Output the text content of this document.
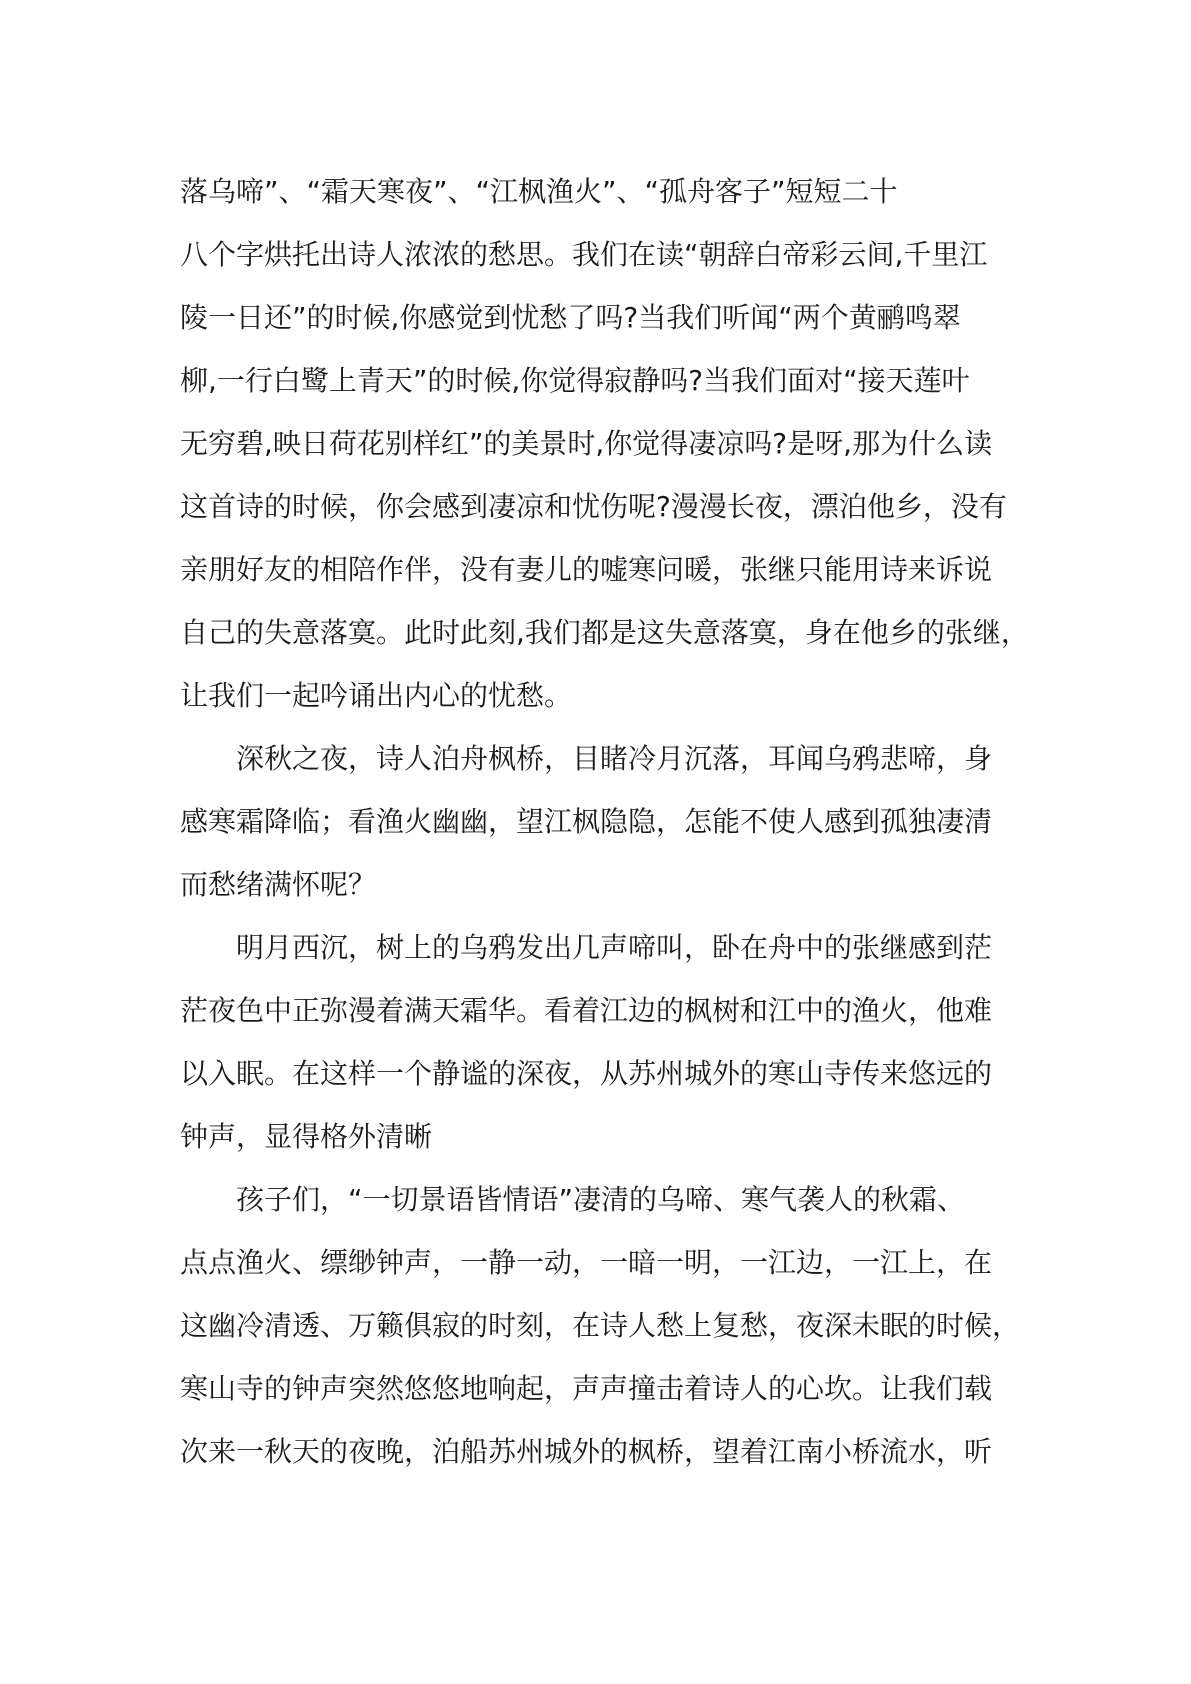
落乌啼”、“霜天寒夜”、“江枫渔火”、“孤舟客子”短短二十
八个字烘托出诗人浓浓的愁思。我们在读“朝辞白帝彩云间,千里江
陵一日还”的时候,你感觉到忧愁了吗?当我们听闻“两个黄鹂鸣翠
柳,一行白鹭上青天”的时候,你觉得寂静吗?当我们面对“接天莲叶
无穷碧,映日荷花别样红”的美景时,你觉得凄凉吗?是呀,那为什么读
这首诗的时候，你会感到凄凉和忧伤呢?漫漫长夜，漂泊他乡，没有
亲朋好友的相陪作伴，没有妻儿的嘘寒问暖，张继只能用诗来诉说
自己的失意落寞。此时此刻,我们都是这失意落寞，身在他乡的张继，
让我们一起吟诵出内心的忧愁。
深秋之夜，诗人泊舟枫桥，目睹冷月沉落，耳闻乌鸦悲啼，身
感寒霜降临；看渔火幽幽，望江枫隐隐，怎能不使人感到孤独凄清
而愁绪满怀呢？
明月西沉，树上的乌鸦发出几声啼叫，卧在舟中的张继感到茫
茫夜色中正弥漫着满天霜华。看着江边的枫树和江中的渔火，他难
以入眠。在这样一个静谧的深夜，从苏州城外的寒山寺传来悠远的
钟声，显得格外清晰
孩子们，“一切景语皆情语”凄清的乌啼、寒气袭人的秋霜、
点点渔火、缥缈钟声，一静一动，一暗一明，一江边，一江上，在
这幽冷清透、万籁俱寂的时刻，在诗人愁上复愁，夜深未眠的时候，
寒山寺的钟声突然悠悠地响起，声声撞击着诗人的心坎。让我们载
次来一秋天的夜晚，泊船苏州城外的枫桥，望着江南小桥流水，听
